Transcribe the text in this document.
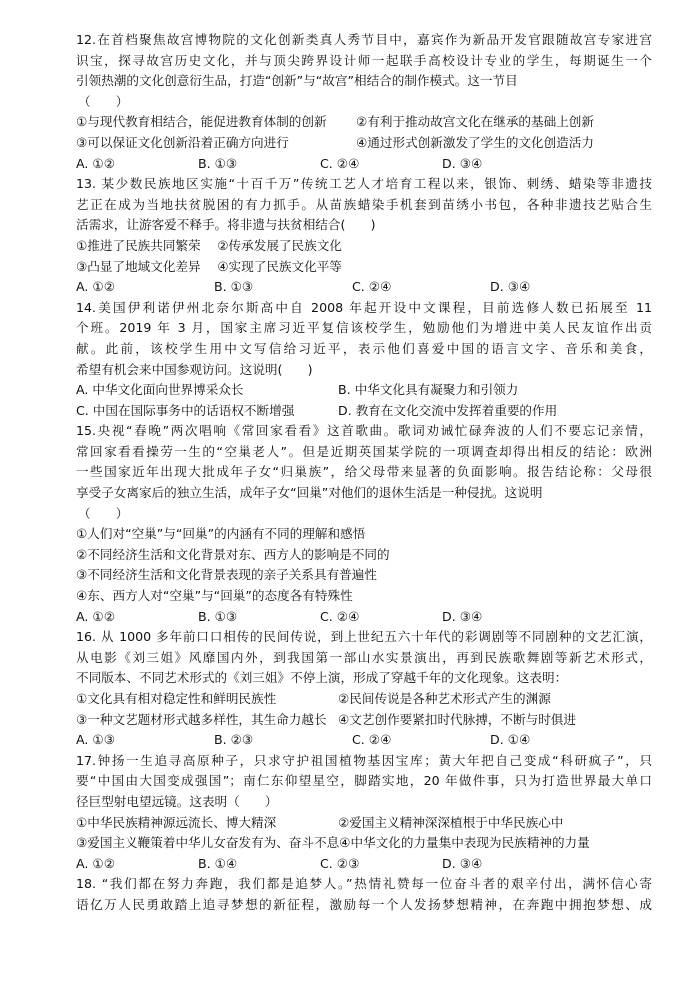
12.在首档聚焦故宫博物院的文化创新类真人秀节目中，嘉宾作为新品开发官跟随故宫专家进宫
识宝，探寻故宫历史文化，并与顶尖跨界设计师一起联手高校设计专业的学生，每期诞生一个
引领热潮的文化创意衍生品，打造“创新”与“故宫”相结合的制作模式。这一节目
（　　）
①与现代教育相结合，能促进教育体制的创新	②有利于推动故宫文化在继承的基础上创新
③可以保证文化创新沿着正确方向进行	④通过形式创新激发了学生的文化创造活力
A. ①②	B. ①③	C. ②④	D. ③④
13. 某少数民族地区实施“十百千万”传统工艺人才培育工程以来，银饰、刺绣、蜡染等非遗技
艺正在成为当地扶贫脱困的有力抓手。从苗族蜡染手机套到苗绣小书包，各种非遗技艺贴合生
活需求，让游客爱不释手。将非遗与扶贫相结合(　　)
①推进了民族共同繁荣　 ②传承发展了民族文化
③凸显了地域文化差异　 ④实现了民族文化平等
A. ①②	B. ①③	C. ②④	D. ③④
14.美国伊利诺伊州北奈尔斯高中自 2008 年起开设中文课程，目前选修人数已拓展至 11
个班。2019 年 3 月，国家主席习近平复信该校学生，勉励他们为增进中美人民友谊作出贡
献。此前，该校学生用中文写信给习近平，表示他们喜爱中国的语言文字、音乐和美食，
希望有机会来中国参观访问。这说明(　　)
A. 中华文化面向世界博采众长	B. 中华文化具有凝聚力和引领力
C. 中国在国际事务中的话语权不断增强	D. 教育在文化交流中发挥着重要的作用
15.央视“春晚”两次唱响《常回家看看》这首歌曲。歌词劝诫忙碌奔波的人们不要忘记亲情，
常回家看看操劳一生的“空巢老人”。但是近期英国某学院的一项调查却得出相反的结论：欧洲
一些国家近年出现大批成年子女“归巢族”，给父母带来显著的负面影响。报告结论称：父母很
享受子女离家后的独立生活，成年子女“回巢”对他们的退休生活是一种侵扰。这说明
（　　）
①人们对“空巢”与“回巢”的内涵有不同的理解和感悟
②不同经济生活和文化背景对东、西方人的影响是不同的
③不同经济生活和文化背景表现的亲子关系具有普遍性
④东、西方人对“空巢”与“回巢”的态度各有特殊性
A. ①②	B. ①③	C. ②④	D. ③④
16. 从 1000 多年前口口相传的民间传说，到上世纪五六十年代的彩调剧等不同剧种的文艺汇演，
从电影《刘三姐》风靡国内外，到我国第一部山水实景演出，再到民族歌舞剧等新艺术形式，
不同版本、不同艺术形式的《刘三姐》不停上演，形成了穿越千年的文化现象。这表明：
①文化具有相对稳定性和鲜明民族性	②民间传说是各种艺术形式产生的渊源
③一种文艺题材形式越多样性，其生命力越长 ④文艺创作要紧扣时代脉搏，不断与时俱进
A. ①③	B. ②③	C. ②④	D. ①④
17.钟扬一生追寻高原种子，只求守护祖国植物基因宝库；黄大年把自己变成“科研疯子”，只
要“中国由大国变成强国”；南仁东仰望星空，脚踏实地，20 年做件事，只为打造世界最大单口
径巨型射电望远镜。这表明（　　）
①中华民族精神源远流长、博大精深	②爱国主义精神深深植根于中华民族心中
③爱国主义鞭策着中华儿女奋发有为、奋斗不息④中华文化的力量集中表现为民族精神的力量
A. ①②	B. ①④	C. ②③	D. ③④
18. “我们都在努力奔跑，我们都是追梦人。”热情礼赞每一位奋斗者的艰辛付出，满怀信心寄
语亿万人民勇敢踏上追寻梦想的新征程，激励每一个人发扬梦想精神，在奔跑中拥抱梦想、成
